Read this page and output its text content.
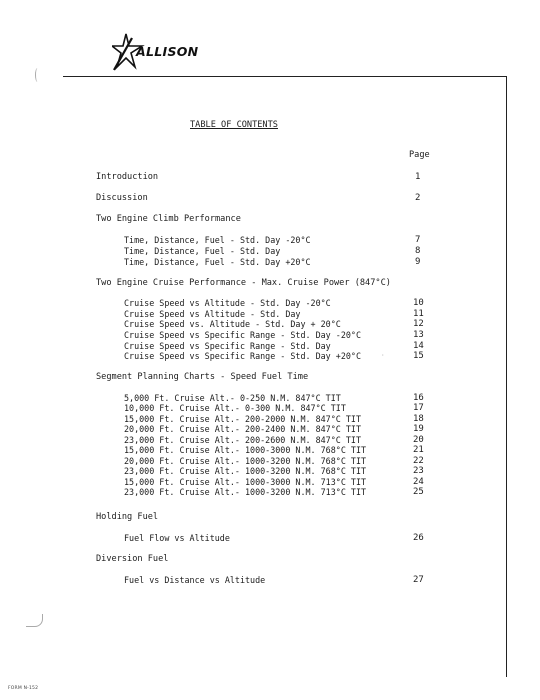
ALLISON
TABLE OF CONTENTS
Page
Introduction	1
Discussion	2
Two Engine Climb Performance
Time, Distance, Fuel - Std. Day -20°C	7
Time, Distance, Fuel - Std. Day	8
Time, Distance, Fuel - Std. Day +20°C	9
Two Engine Cruise Performance - Max. Cruise Power (847°C)
Cruise Speed vs Altitude - Std. Day -20°C	10
Cruise Speed vs Altitude - Std. Day	11
Cruise Speed vs. Altitude - Std. Day + 20°C	12
Cruise Speed vs Specific Range - Std. Day -20°C	13
Cruise Speed vs Specific Range - Std. Day	14
Cruise Speed vs Specific Range - Std. Day +20°C	15
Segment Planning Charts - Speed Fuel Time
5,000 Ft. Cruise Alt.- 0-250 N.M. 847°C TIT	16
10,000 Ft. Cruise Alt.- 0-300 N.M. 847°C TIT	17
15,000 Ft. Cruise Alt.- 200-2000 N.M. 847°C TIT	18
20,000 Ft. Cruise Alt.- 200-2400 N.M. 847°C TIT	19
23,000 Ft. Cruise Alt.- 200-2600 N.M. 847°C TIT	20
15,000 Ft. Cruise Alt.- 1000-3000 N.M. 768°C TIT	21
20,000 Ft. Cruise Alt.- 1000-3200 N.M. 768°C TIT	22
23,000 Ft. Cruise Alt.- 1000-3200 N.M. 768°C TIT	23
15,000 Ft. Cruise Alt.- 1000-3000 N.M. 713°C TIT	24
23,000 Ft. Cruise Alt.- 1000-3200 N.M. 713°C TIT	25
Holding Fuel
Fuel Flow vs Altitude	26
Diversion Fuel
Fuel vs Distance vs Altitude	27
·
FORM N-152
